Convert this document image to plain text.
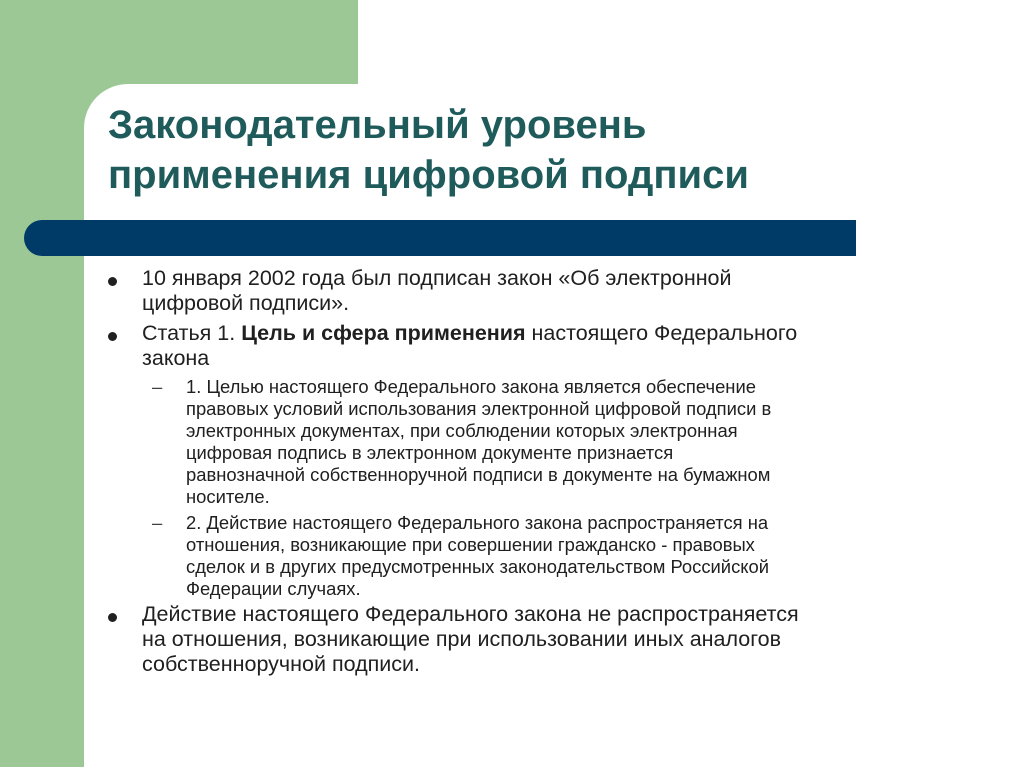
Законодательный уровень
применения цифровой подписи
10 января 2002 года был подписан закон «Об электронной
цифровой подписи».
Статья 1. Цель и сфера применения настоящего Федерального
закона
– 1. Целью настоящего Федерального закона является обеспечение
правовых условий использования электронной цифровой подписи в
электронных документах, при соблюдении которых электронная
цифровая подпись в электронном документе признается
равнозначной собственноручной подписи в документе на бумажном
носителе.
– 2. Действие настоящего Федерального закона распространяется на
отношения, возникающие при совершении гражданско - правовых
сделок и в других предусмотренных законодательством Российской
Федерации случаях.
Действие настоящего Федерального закона не распространяется
на отношения, возникающие при использовании иных аналогов
собственноручной подписи.
